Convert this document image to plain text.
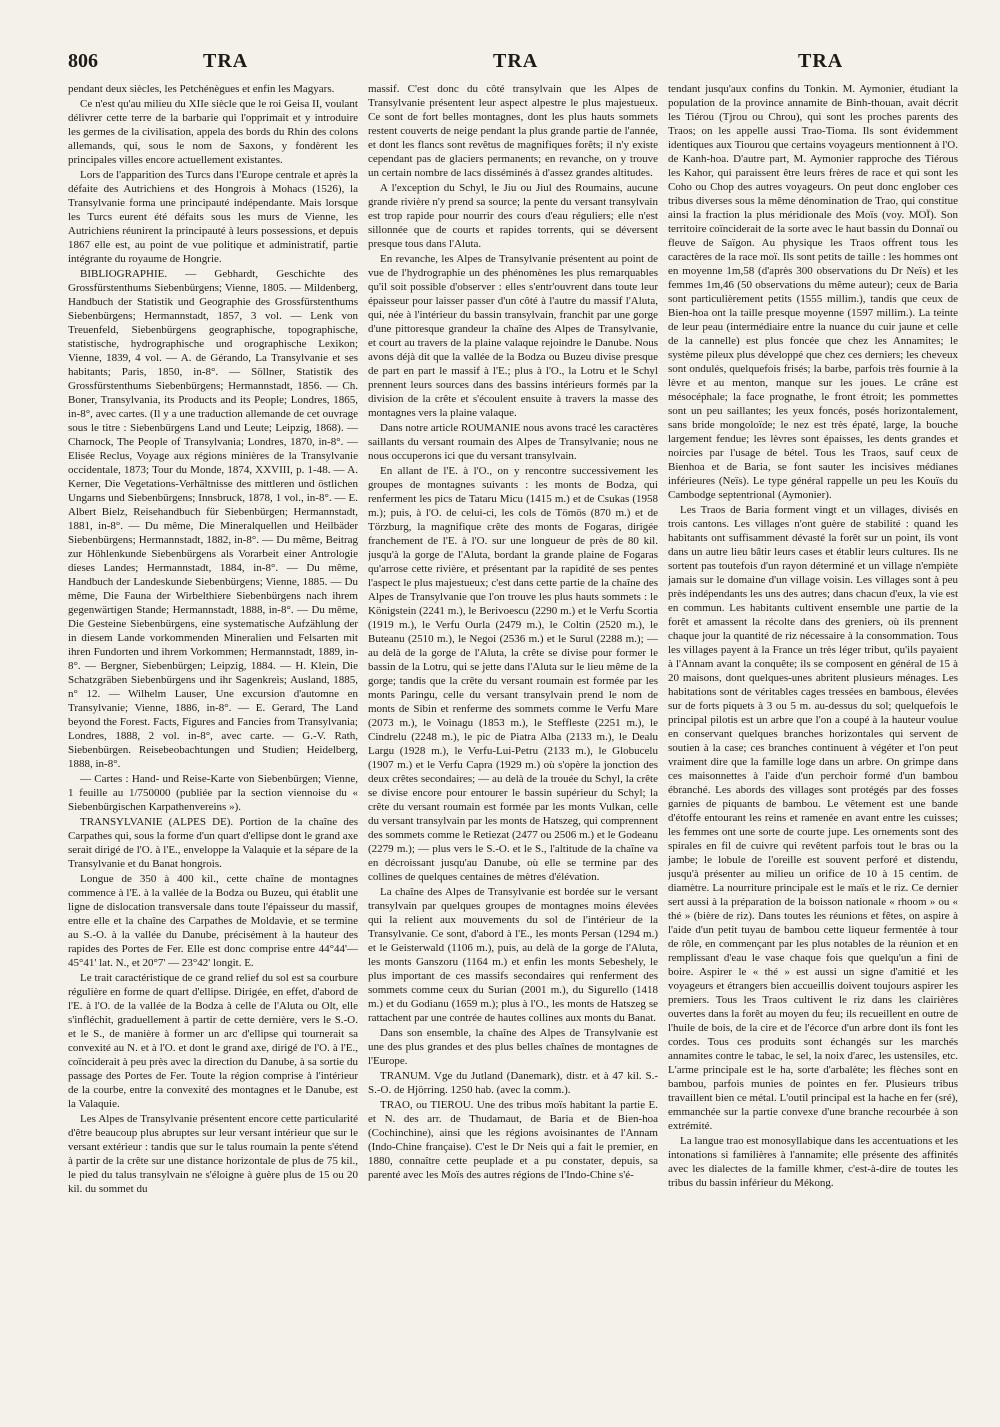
806	TRA	TRA	TRA

pendant deux siècles, les Petchénègues et enfin les Magyars.

Ce n'est qu'au milieu du XIIe siècle que le roi Geisa II, voulant délivrer cette terre de la barbarie qui l'opprimait et y introduire les germes de la civilisation, appela des bords du Rhin des colons allemands, qui, sous le nom de Saxons, y fondèrent les principales villes encore actuellement existantes.

Lors de l'apparition des Turcs dans l'Europe centrale et après la défaite des Autrichiens et des Hongrois à Mohacs (1526), la Transylvanie forma une principauté indépendante. Mais lorsque les Turcs eurent été défaits sous les murs de Vienne, les Autrichiens réunirent la principauté à leurs possessions, et depuis 1867 elle est, au point de vue politique et administratif, partie intégrante du royaume de Hongrie.

BIBLIOGRAPHIE. — Gebhardt, Geschichte des Grossfürstenthums Siebenbürgens; Vienne, 1805. — Mildenberg, Handbuch der Statistik und Geographie des Grossfürstenthums Siebenbürgens; Hermannstadt, 1857, 3 vol. — Lenk von Treuenfeld, Siebenbürgens geographische, topographische, statistische, hydrographische und orographische Lexikon; Vienne, 1839, 4 vol. — A. de Gérando, La Transylvanie et ses habitants; Paris, 1850, in-8°. — Söllner, Statistik des Grossfürstenthums Siebenbürgens; Hermannstadt, 1856. — Ch. Boner, Transylvania, its Products and its People; Londres, 1865, in-8°, avec cartes. (Il y a une traduction allemande de cet ouvrage sous le titre : Siebenbürgens Land und Leute; Leipzig, 1868). — Charnock, The People of Transylvania; Londres, 1870, in-8°. — Elisée Reclus, Voyage aux régions minières de la Transylvanie occidentale, 1873; Tour du Monde, 1874, XXVIII, p. 1-48. — A. Kerner, Die Vegetations-Verhältnisse des mittleren und östlichen Ungarns und Siebenbürgens; Innsbruck, 1878, 1 vol., in-8°. — E. Albert Bielz, Reisehandbuch für Siebenbürgen; Hermannstadt, 1881, in-8°. — Du même, Die Mineralquellen und Heilbäder Siebenbürgens; Hermannstadt, 1882, in-8°. — Du même, Beitrag zur Höhlenkunde Siebenbürgens als Vorarbeit einer Antrologie dieses Landes; Hermannstadt, 1884, in-8°. — Du même, Handbuch der Landeskunde Siebenbürgens; Vienne, 1885. — Du même, Die Fauna der Wirbelthiere Siebenbürgens nach ihrem gegenwärtigen Stande; Hermannstadt, 1888, in-8°. — Du même, Die Gesteine Siebenbürgens, eine systematische Aufzählung der in diesem Lande vorkommenden Mineralien und Felsarten mit ihren Fundorten und ihrem Vorkommen; Hermannstadt, 1889, in-8°. — Bergner, Siebenbürgen; Leipzig, 1884. — H. Klein, Die Schatzgräben Siebenbürgens und ihr Sagenkreis; Ausland, 1885, n° 12. — Wilhelm Lauser, Une excursion d'automne en Transylvanie; Vienne, 1886, in-8°. — E. Gerard, The Land beyond the Forest. Facts, Figures and Fancies from Transylvania; Londres, 1888, 2 vol. in-8°, avec carte. — G.-V. Rath, Siebenbürgen. Reisebeobachtungen und Studien; Heidelberg, 1888, in-8°.

— Cartes : Hand- und Reise-Karte von Siebenbürgen; Vienne, 1 feuille au 1/750000 (publiée par la section viennoise du « Siebenbürgischen Karpathenvereins »).

TRANSYLVANIE (ALPES DE). Portion de la chaîne des Carpathes qui, sous la forme d'un quart d'ellipse dont le grand axe serait dirigé de l'O. à l'E., enveloppe la Valaquie et la sépare de la Transylvanie et du Banat hongrois.

Longue de 350 à 400 kil., cette chaîne de montagnes commence à l'E. à la vallée de la Bodza ou Buzeu, qui établit une ligne de dislocation transversale dans toute l'épaisseur du massif, entre elle et la chaîne des Carpathes de Moldavie, et se termine au S.-O. à la vallée du Danube, précisément à la hauteur des rapides des Portes de Fer. Elle est donc comprise entre 44°44'—45°41' lat. N., et 20°7' — 23°42' longit. E.

Le trait caractéristique de ce grand relief du sol est sa courbure régulière en forme de quart d'ellipse. Dirigée, en effet, d'abord de l'E. à l'O. de la vallée de la Bodza à celle de l'Aluta ou Olt, elle s'infléchit, graduellement à partir de cette dernière, vers le S.-O. et le S., de manière à former un arc d'ellipse qui tournerait sa convexité au N. et à l'O. et dont le grand axe, dirigé de l'O. à l'E., coïnciderait à peu près avec la direction du Danube, à sa sortie du passage des Portes de Fer. Toute la région comprise à l'intérieur de la courbe, entre la convexité des montagnes et le Danube, est la Valaquie.

Les Alpes de Transylvanie présentent encore cette particularité d'être beaucoup plus abruptes sur leur versant intérieur que sur le versant extérieur : tandis que sur le talus roumain la pente s'étend à partir de la crête sur une distance horizontale de plus de 75 kil., le pied du talus transylvain ne s'éloigne à guère plus de 15 ou 20 kil. du sommet du

massif. C'est donc du côté transylvain que les Alpes de Transylvanie présentent leur aspect alpestre le plus majestueux. Ce sont de fort belles montagnes, dont les plus hauts sommets restent couverts de neige pendant la plus grande partie de l'année, et dont les flancs sont revêtus de magnifiques forêts; il n'y existe cependant pas de glaciers permanents; en revanche, on y trouve un certain nombre de lacs disséminés à d'assez grandes altitudes.

A l'exception du Schyl, le Jiu ou Jiul des Roumains, aucune grande rivière n'y prend sa source; la pente du versant transylvain est trop rapide pour nourrir des cours d'eau réguliers; elle n'est sillonnée que de courts et rapides torrents, qui se déversent presque tous dans l'Aluta.

En revanche, les Alpes de Transylvanie présentent au point de vue de l'hydrographie un des phénomènes les plus remarquables qu'il soit possible d'observer : elles s'entr'ouvrent dans toute leur épaisseur pour laisser passer d'un côté à l'autre du massif l'Aluta, qui, née à l'intérieur du bassin transylvain, franchit par une gorge d'une pittoresque grandeur la chaîne des Alpes de Transylvanie, et court au travers de la plaine valaque rejoindre le Danube. Nous avons déjà dit que la vallée de la Bodza ou Buzeu divise presque de part en part le massif à l'E.; plus à l'O., la Lotru et le Schyl prennent leurs sources dans des bassins intérieurs formés par la division de la crête et s'écoulent ensuite à travers la masse des montagnes vers la plaine valaque.

Dans notre article ROUMANIE nous avons tracé les caractères saillants du versant roumain des Alpes de Transylvanie; nous ne nous occuperons ici que du versant transylvain.

En allant de l'E. à l'O., on y rencontre successivement les groupes de montagnes suivants : les monts de Bodza, qui renferment les pics de Tataru Micu (1415 m.) et de Csukas (1958 m.); puis, à l'O. de celui-ci, les cols de Tömös (870 m.) et de Törzburg, la magnifique crête des monts de Fogaras, dirigée franchement de l'E. à l'O. sur une longueur de près de 80 kil. jusqu'à la gorge de l'Aluta, bordant la grande plaine de Fogaras qu'arrose cette rivière, et présentant par la rapidité de ses pentes l'aspect le plus majestueux; c'est dans cette partie de la chaîne des Alpes de Transylvanie que l'on trouve les plus hauts sommets : le Königstein (2241 m.), le Berivoescu (2290 m.) et le Verfu Scortia (1919 m.), le Verfu Ourla (2479 m.), le Coltin (2520 m.), le Buteanu (2510 m.), le Negoi (2536 m.) et le Surul (2288 m.); — au delà de la gorge de l'Aluta, la crête se divise pour former le bassin de la Lotru, qui se jette dans l'Aluta sur le lieu même de la gorge; tandis que la crête du versant roumain est formée par les monts Paringu, celle du versant transylvain prend le nom de monts de Sibin et renferme des sommets comme le Verfu Mare (2073 m.), le Voinagu (1853 m.), le Steffleste (2251 m.), le Cindrelu (2248 m.), le pic de Piatra Alba (2133 m.), le Dealu Largu (1928 m.), le Verfu-Lui-Petru (2133 m.), le Globucelu (1907 m.) et le Verfu Capra (1929 m.) où s'opère la jonction des deux crêtes secondaires; — au delà de la trouée du Schyl, la crête se divise encore pour entourer le bassin supérieur du Schyl; la crête du versant roumain est formée par les monts Vulkan, celle du versant transylvain par les monts de Hatszeg, qui comprennent des sommets comme le Retiezat (2477 ou 2506 m.) et le Godeanu (2279 m.); — plus vers le S.-O. et le S., l'altitude de la chaîne va en décroissant jusqu'au Danube, où elle se termine par des collines de quelques centaines de mètres d'élévation.

La chaîne des Alpes de Transylvanie est bordée sur le versant transylvain par quelques groupes de montagnes moins élevées qui la relient aux mouvements du sol de l'intérieur de la Transylvanie. Ce sont, d'abord à l'E., les monts Persan (1294 m.) et le Geisterwald (1106 m.), puis, au delà de la gorge de l'Aluta, les monts Ganszoru (1164 m.) et enfin les monts Sebeshely, le plus important de ces massifs secondaires qui renferment des sommets comme ceux du Surian (2001 m.), du Sigurello (1418 m.) et du Godianu (1659 m.); plus à l'O., les monts de Hatszeg se rattachent par une contrée de hautes collines aux monts du Banat.

Dans son ensemble, la chaîne des Alpes de Transylvanie est une des plus grandes et des plus belles chaînes de montagnes de l'Europe.

TRANUM. Vge du Jutland (Danemark), distr. et à 47 kil. S.-S.-O. de Hjörring. 1250 hab. (avec la comm.).

TRAO, ou TIEROU. Une des tribus moïs habitant la partie E. et N. des arr. de Thudamaut, de Baria et de Bien-hoa (Cochinchine), ainsi que les régions avoisinantes de l'Annam (Indo-Chine française). C'est le Dr Neis qui a fait le premier, en 1880, connaître cette peuplade et a pu constater, depuis, sa parenté avec les Moïs des autres régions de l'Indo-Chine s'é-

tendant jusqu'aux confins du Tonkin. M. Aymonier, étudiant la population de la province annamite de Binh-thouan, avait décrit les Tiérou (Tjrou ou Chrou), qui sont les proches parents des Traos; on les appelle aussi Trao-Tioma. Ils sont évidemment identiques aux Tiourou que certains voyageurs mentionnent à l'O. de Kanh-hoa. D'autre part, M. Aymonier rapproche des Tiérous les Kahor, qui paraissent être leurs frères de race et qui sont les Coho ou Chop des autres voyageurs. On peut donc englober ces tribus diverses sous la même dénomination de Trao, qui constitue ainsi la fraction la plus méridionale des Moïs (voy. MOÏ). Son territoire coïnciderait de la sorte avec le haut bassin du Donnaï ou fleuve de Saïgon. Au physique les Traos offrent tous les caractères de la race moï. Ils sont petits de taille : les hommes ont en moyenne 1m,58 (d'après 300 observations du Dr Neïs) et les femmes 1m,46 (50 observations du même auteur); ceux de Baria sont particulièrement petits (1555 millim.), tandis que ceux de Bien-hoa ont la taille presque moyenne (1597 millim.). La teinte de leur peau (intermédiaire entre la nuance du cuir jaune et celle de la cannelle) est plus foncée que chez les Annamites; le système pileux plus développé que chez ces derniers; les cheveux sont ondulés, quelquefois frisés; la barbe, parfois très fournie à la lèvre et au menton, manque sur les joues. Le crâne est mésocéphale; la face prognathe, le front étroit; les pommettes sont un peu saillantes; les yeux foncés, posés horizontalement, sans bride mongoloïde; le nez est très épaté, large, la bouche largement fendue; les lèvres sont épaisses, les dents grandes et noircies par l'usage de bétel. Tous les Traos, sauf ceux de Bienhoa et de Baria, se font sauter les incisives médianes inférieures (Neïs). Le type général rappelle un peu les Kouïs du Cambodge septentrional (Aymonier).

Les Traos de Baria forment vingt et un villages, divisés en trois cantons. Les villages n'ont guère de stabilité : quand les habitants ont suffisamment dévasté la forêt sur un point, ils vont dans un autre lieu bâtir leurs cases et établir leurs cultures. Ils ne sortent pas toutefois d'un rayon déterminé et un village n'empiète jamais sur le domaine d'un village voisin. Les villages sont à peu près indépendants les uns des autres; dans chacun d'eux, la vie est en commun. Les habitants cultivent ensemble une partie de la forêt et amassent la récolte dans des greniers, où ils prennent chaque jour la quantité de riz nécessaire à la consommation. Tous les villages payent à la France un très léger tribut, qu'ils payaient à l'Annam avant la conquête; ils se composent en général de 15 à 20 maisons, dont quelques-unes abritent plusieurs ménages. Les habitations sont de véritables cages tressées en bambous, élevées sur de forts piquets à 3 ou 5 m. au-dessus du sol; quelquefois le principal pilotis est un arbre que l'on a coupé à la hauteur voulue en conservant quelques branches horizontales qui servent de soutien à la case; ces branches continuent à végéter et l'on peut vraiment dire que la famille loge dans un arbre. On grimpe dans ces maisonnettes à l'aide d'un perchoir formé d'un bambou ébranché. Les abords des villages sont protégés par des fosses garnies de piquants de bambou. Le vêtement est une bande d'étoffe entourant les reins et ramenée en avant entre les cuisses; les femmes ont une sorte de courte jupe. Les ornements sont des spirales en fil de cuivre qui revêtent parfois tout le bras ou la jambe; le lobule de l'oreille est souvent perforé et distendu, jusqu'à présenter au milieu un orifice de 10 à 15 centim. de diamètre. La nourriture principale est le maïs et le riz. Ce dernier sert aussi à la préparation de la boisson nationale « rhoom » ou « thé » (bière de riz). Dans toutes les réunions et fêtes, on aspire à l'aide d'un petit tuyau de bambou cette liqueur fermentée à tour de rôle, en commençant par les plus notables de la réunion et en remplissant d'eau le vase chaque fois que quelqu'un a fini de boire. Aspirer le « thé » est aussi un signe d'amitié et les voyageurs et étrangers bien accueillis doivent toujours aspirer les premiers. Tous les Traos cultivent le riz dans les clairières ouvertes dans la forêt au moyen du feu; ils recueillent en outre de l'huile de bois, de la cire et de l'écorce d'un arbre dont ils font les cordes. Tous ces produits sont échangés sur les marchés annamites contre le tabac, le sel, la noix d'arec, les ustensiles, etc. L'arme principale est le ha, sorte d'arbalète; les flèches sont en bambou, parfois munies de pointes en fer. Plusieurs tribus travaillent bien ce métal. L'outil principal est la hache en fer (sré), emmanchée sur la partie convexe d'une branche recourbée à son extrémité.

La langue trao est monosyllabique dans les accentuations et les intonations si familières à l'annamite; elle présente des affinités avec les dialectes de la famille khmer, c'est-à-dire de toutes les tribus du bassin inférieur du Mékong.
